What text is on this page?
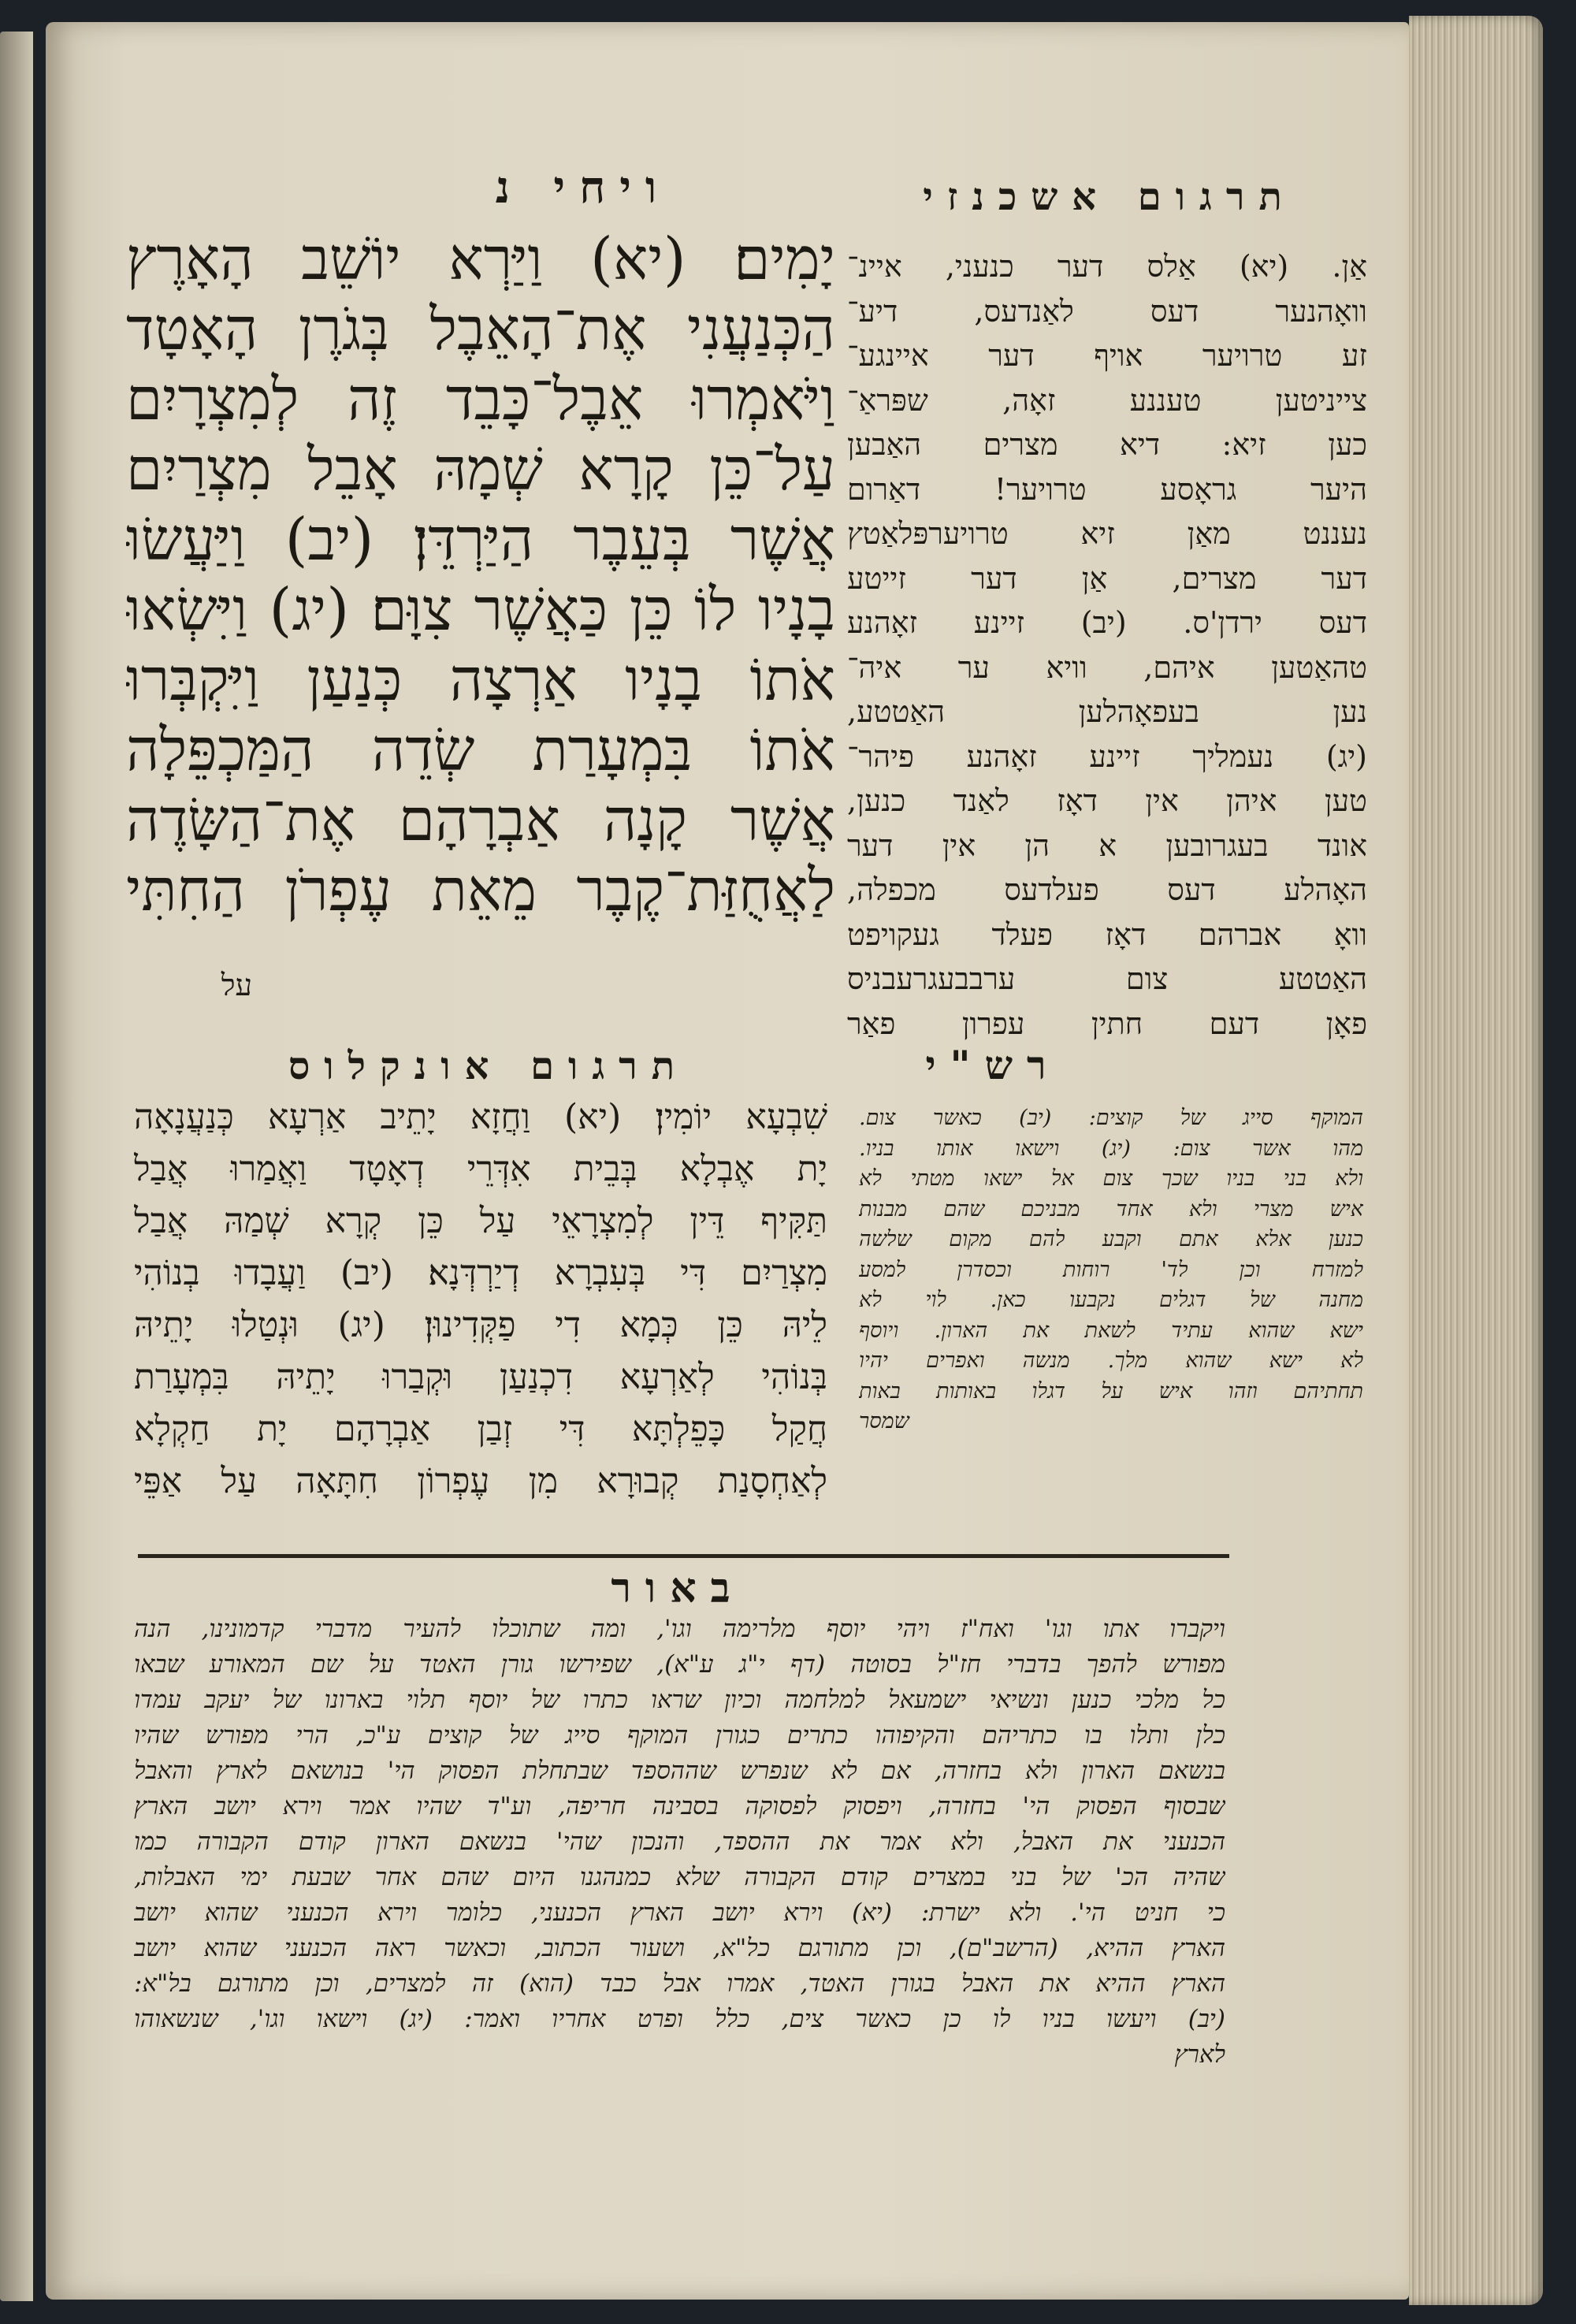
תרגום אשכנזי
ויחי נ
יָמִים׃ (יא) וַיַּרְא יוֹשֵׁב הָאָרֶץ
הַכְּנַעֲנִי אֶת־הָאֵבֶל בְּגֹרֶן הָאָטָד
וַיֹּאמְרוּ אֵבֶל־כָּבֵד זֶה לְמִצְרָיִם
עַל־כֵּן קָרָא שְׁמָהּ אָבֵל מִצְרַיִם
אֲשֶׁר בְּעֵבֶר הַיַּרְדֵּן׃ (יב) וַיַּעֲשׂוּ
בָנָיו לוֹ כֵּן כַּאֲשֶׁר צִוָּם׃ (יג) וַיִּשְׂאוּ
אֹתוֹ בָנָיו אַרְצָה כְּנַעַן וַיִּקְבְּרוּ
אֹתוֹ בִּמְעָרַת שְׂדֵה הַמַּכְפֵּלָה
אֲשֶׁר קָנָה אַבְרָהָם אֶת־הַשָּׂדֶה
לַאֲחֻזַּת־קֶבֶר מֵאֵת עֶפְרֹן הַחִתִּי
על
אַן. (יא) אַלס דער כנעני, איינ־
וואָהנער דעס לאַנדעס, דיע־
זע טרויער אויף דער איינגע־
צייניטען טעננע זאָה, שפּראַ־
כען זיא: דיא מצרים האַבען
היער גראָסע טרויער! דאַרום
נעננט מאַן זיא טרויערפּלאַטץ
דער מצרים, אַן דער זייטע
דעס ירדן'ס. (יב) זיינע זאָהנע
טהאַטען איהם, וויא ער איה־
נען בעפאָהלען האַטטע,
(יג) נעמליך זיינע זאָהנע פיהר־
טען איהן אין דאָז לאַנד כנען,
אונד בעגרובען א הן אין דער
האָהלע דעס פעלדעס מכפלה,
וואָ אברהם דאָז פעלד געקויפט
האַטטע צום ערבבעגרעבניס
פאָן דעם חתין עפרון פאַר
תרגום אונקלוס	רש"י
שִׁבְעָא יוֹמִין׃ (יא) וַחֲזָא יָתֵיב אַרְעָא כְּנַעֲנָאָה
יָת אֶבְלָא בְּבֵית אִדְּרֵי דְאָטָד וַאֲמַרוּ אֲבַל
תַּקִּיף דֵּין לְמִצְרָאֵי עַל כֵּן קְרָא שְׁמַהּ אֲבַל
מִצְרַיִם דִּי בְּעִבְרָא דְיַרְדְּנָא׃ (יב) וַעֲבָדוּ בְנוֹהִי
לֵיהּ כֵּן כְּמָא דִי פַקְּדִינוּן׃ (יג) וּנְטַלוּ יָתֵיהּ
בְּנוֹהִי לְאַרְעָא דִכְנַעַן וּקְבַרוּ יָתֵיהּ בִּמְעָרַת
חֲקַל כָּפֵלְתָּא דִּי זְבַן אַבְרָהָם יָת חַקְלָא
לְאַחְסָנַת קְבוּרָא מִן עֶפְרוֹן חִתָּאָה עַל אַפֵּי
המוקף סייג של קוצים: (יב) כאשר צום.
מהו אשר צום: (יג) וישאו אותו בניו.
ולא בני בניו שכך צום אל ישאו מטתי לא
איש מצרי ולא אחד מבניכם שהם מבנות
כנען אלא אתם וקבע להם מקום שלשה
למזרח וכן לד' רוחות וכסדרן למסע
מחנה של דגלים נקבעו כאן. לוי לא
ישא שהוא עתיד לשאת את הארון. ויוסף
לא ישא שהוא מלך. מנשה ואפרים יהיו
תחתיהם וזהו איש על דגלו באותות באות
שמסר
באור
ויקברו אתו וגו' ואח"ז ויהי יוסף מלרימה וגו', ומה שתוכלו להעיר מדברי קדמונינו, הנה
מפורש להפך בדברי חז"ל בסוטה (דף י"ג ע"א), שפירשו גורן האטד על שם המאורע שבאו
כל מלכי כנען ונשיאי ישמעאל למלחמה וכיון שראו כתרו של יוסף תלוי בארונו של יעקב עמדו
כלן ותלו בו כתריהם והקיפוהו כתרים כגורן המוקף סייג של קוצים ע"כ, הרי מפורש שהיו
בנשאם הארון ולא בחזרה, אם לא שנפרש שההספד שבתחלת הפסוק הי' בנושאם לארץ והאבל
שבסוף הפסוק הי' בחזרה, ויפסוק לפסוקה בסבינה חריפה, וע"ד שהיו אמר וירא יושב הארץ
הכנעני את האבל, ולא אמר את ההספד, והנכון שהי' בנשאם הארון קודם הקבורה כמו
שהיה הכ' של בני במצרים קודם הקבורה שלא כמנהגנו היום שהם אחר שבעת ימי האבלות,
כי חניט הי'. ולא ישרת: (יא) וירא יושב הארץ הכנעני, כלומר וירא הכנעני שהוא יושב
הארץ ההיא, (הרשב"ם), וכן מתורגם כל"א, ושעור הכתוב, וכאשר ראה הכנעני שהוא יושב
הארץ ההיא את האבל בגורן האטד, אמרו אבל כבד (הוא) זה למצרים, וכן מתורגם בל"א:
(יב) ויעשו בניו לו כן כאשר צים, כלל ופרט אחריו ואמר: (יג) וישאו וגו', שנשאוהו
לארץ
